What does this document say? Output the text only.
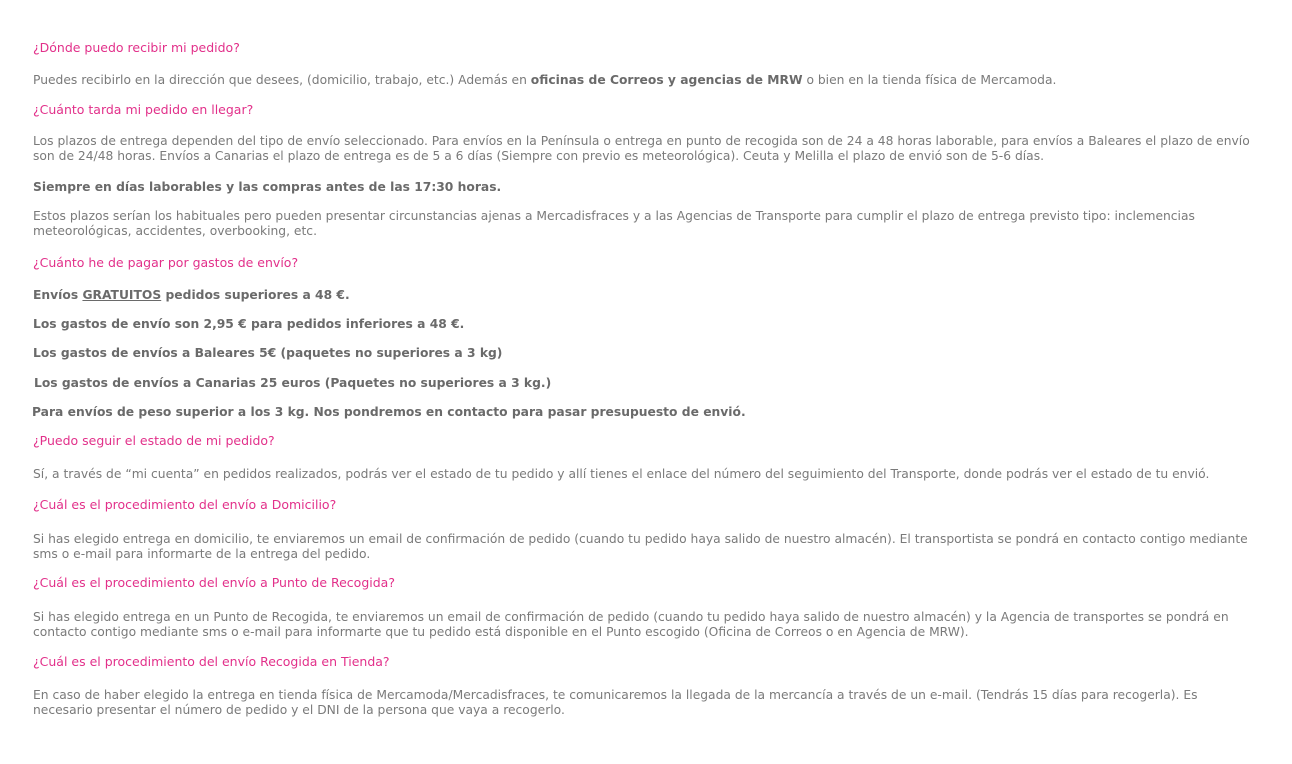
¿Dónde puedo recibir mi pedido?
Puedes recibirlo en la dirección que desees, (domicilio, trabajo, etc.) Además en oficinas de Correos y agencias de MRW o bien en la tienda física de Mercamoda.
¿Cuánto tarda mi pedido en llegar?
Los plazos de entrega dependen del tipo de envío seleccionado. Para envíos en la Península o entrega en punto de recogida son de 24 a 48 horas laborable, para envíos a Baleares el plazo de envío son de 24/48 horas. Envíos a Canarias el plazo de entrega es de 5 a 6 días (Siempre con previo es meteorológica). Ceuta y Melilla el plazo de envió son de 5-6 días.
Siempre en días laborables y las compras antes de las 17:30 horas.
Estos plazos serían los habituales pero pueden presentar circunstancias ajenas a Mercadisfraces y a las Agencias de Transporte para cumplir el plazo de entrega previsto tipo: inclemencias meteorológicas, accidentes, overbooking, etc.
¿Cuánto he de pagar por gastos de envío?
Envíos GRATUITOS pedidos superiores a 48 €.
Los gastos de envío son 2,95 € para pedidos inferiores a 48 €.
Los gastos de envíos a Baleares 5€ (paquetes no superiores a 3 kg)
Los gastos de envíos a Canarias 25 euros (Paquetes no superiores a 3 kg.)
Para envíos de peso superior a los 3 kg. Nos pondremos en contacto para pasar presupuesto de envió.
¿Puedo seguir el estado de mi pedido?
Sí, a través de “mi cuenta” en pedidos realizados, podrás ver el estado de tu pedido y allí tienes el enlace del número del seguimiento del Transporte, donde podrás ver el estado de tu envió.
¿Cuál es el procedimiento del envío a Domicilio?
Si has elegido entrega en domicilio, te enviaremos un email de confirmación de pedido (cuando tu pedido haya salido de nuestro almacén). El transportista se pondrá en contacto contigo mediante sms o e-mail para informarte de la entrega del pedido.
¿Cuál es el procedimiento del envío a Punto de Recogida?
Si has elegido entrega en un Punto de Recogida, te enviaremos un email de confirmación de pedido (cuando tu pedido haya salido de nuestro almacén) y la Agencia de transportes se pondrá en contacto contigo mediante sms o e-mail para informarte que tu pedido está disponible en el Punto escogido (Oficina de Correos o en Agencia de MRW).
¿Cuál es el procedimiento del envío Recogida en Tienda?
En caso de haber elegido la entrega en tienda física de Mercamoda/Mercadisfraces, te comunicaremos la llegada de la mercancía a través de un e-mail. (Tendrás 15 días para recogerla). Es necesario presentar el número de pedido y el DNI de la persona que vaya a recogerlo.
